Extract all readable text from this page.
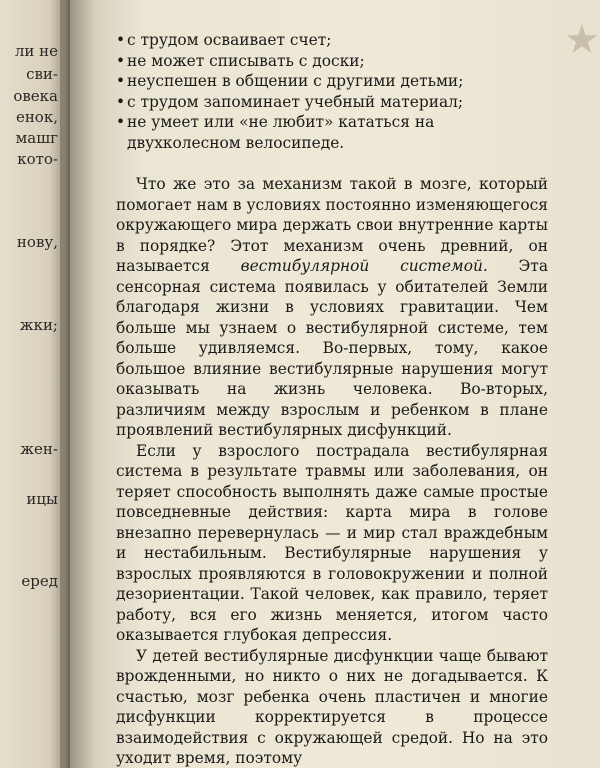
ли не
сви-
овека
енок,
машг
кото-
нову,
жки;
жен-
ицы
еред
★
• с трудом осваивает счет;
• не может списывать с доски;
• неуспешен в общении с другими детьми;
• с трудом запоминает учебный материал;
• не умеет или «не любит» кататься на двухколесном велосипеде.

Что же это за механизм такой в мозге, который помогает нам в условиях постоянно изменяющегося окружающего мира держать свои внутренние карты в порядке? Этот механизм очень древний, он называется вестибулярной системой. Эта сенсорная система появилась у обитателей Земли благодаря жизни в условиях гравитации. Чем больше мы узнаем о вестибулярной системе, тем больше удивляемся. Во-первых, тому, какое большое влияние вестибулярные нарушения могут оказывать на жизнь человека. Во-вторых, различиям между взрослым и ребенком в плане проявлений вестибулярных дисфункций.

Если у взрослого пострадала вестибулярная система в результате травмы или заболевания, он теряет способность выполнять даже самые простые повседневные действия: карта мира в голове внезапно перевернулась — и мир стал враждебным и нестабильным. Вестибулярные нарушения у взрослых проявляются в головокружении и полной дезориентации. Такой человек, как правило, теряет работу, вся его жизнь меняется, итогом часто оказывается глубокая депрессия.

У детей вестибулярные дисфункции чаще бывают врожденными, но никто о них не догадывается. К счастью, мозг ребенка очень пластичен и многие дисфункции корректируется в процессе взаимодействия с окружающей средой. Но на это уходит время, поэтому
